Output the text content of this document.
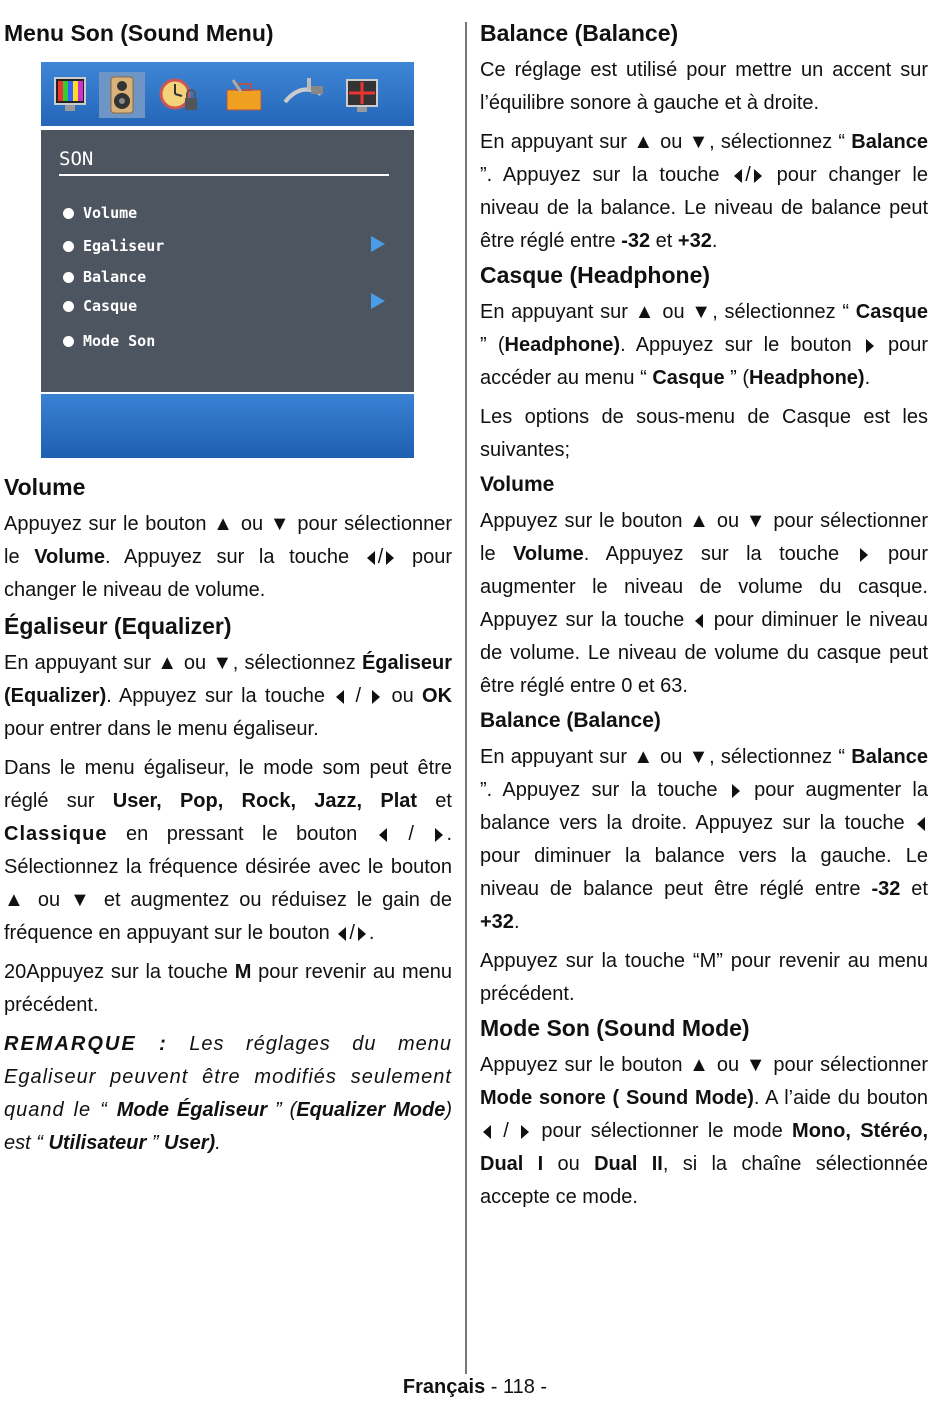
Menu Son (Sound Menu)
SON
Volume
Egaliseur
Balance
Casque
Mode Son
Volume

Appuyez sur le bouton ▲ ou ▼ pour sélectionner le Volume. Appuyez sur la touche / pour changer le niveau de volume.

Égaliseur (Equalizer)

En appuyant sur ▲ ou ▼, sélectionnez Égaliseur (Equalizer). Appuyez sur la touche  /  ou OK pour entrer dans le menu égaliseur.

Dans le menu égaliseur, le mode som peut être réglé sur User, Pop, Rock, Jazz, Plat et Classique en pressant le bouton  / . Sélectionnez la fréquence désirée avec le bouton ▲ ou ▼ et augmentez ou réduisez le gain de fréquence en appuyant sur le bouton / .

20Appuyez sur la touche M pour revenir au menu précédent.

REMARQUE : Les réglages du menu Egaliseur peuvent être modifiés seulement quand le “ Mode Égaliseur ” (Equalizer Mode) est “ Utilisateur ” User).
Balance (Balance)

Ce réglage est utilisé pour mettre un accent sur l’équilibre sonore à gauche et à droite.

En appuyant sur ▲ ou ▼, sélectionnez “ Balance ”. Appuyez sur la touche / pour changer le niveau de la balance. Le niveau de balance peut être réglé entre -32 et +32.

Casque (Headphone)

En appuyant sur ▲ ou ▼, sélectionnez “ Casque ” (Headphone). Appuyez sur le bouton  pour accéder au menu “ Casque ” (Headphone).

Les options de sous-menu de Casque est les suivantes;

Volume

Appuyez sur le bouton ▲ ou ▼ pour sélectionner le Volume. Appuyez sur la touche  pour augmenter le niveau de volume du casque. Appuyez sur la touche  pour diminuer le niveau de volume. Le niveau de volume du casque peut être réglé entre 0 et 63.

Balance (Balance)

En appuyant sur ▲ ou ▼, sélectionnez “ Balance ”. Appuyez sur la touche  pour augmenter la balance vers la droite. Appuyez sur la touche pour diminuer la balance vers la gauche. Le niveau de balance peut être réglé entre -32 et +32.

Appuyez sur la touche “M” pour revenir au menu précédent.

Mode Son (Sound Mode)

Appuyez sur le bouton ▲ ou ▼ pour sélectionner Mode sonore ( Sound Mode). A l’aide du bouton  /  pour sélectionner le mode Mono, Stéréo, Dual I ou Dual II, si la chaîne sélectionnée accepte ce mode.

Français - 118 -
